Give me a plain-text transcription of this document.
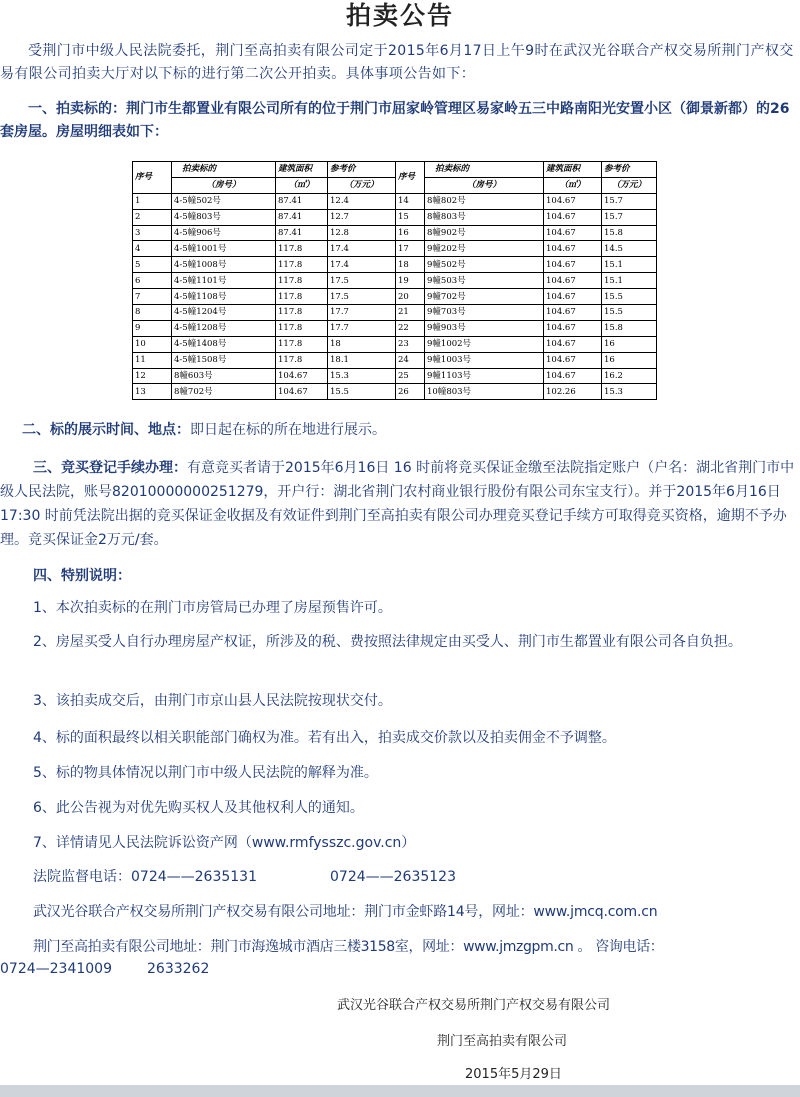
拍卖公告

受荆门市中级人民法院委托，荆门至高拍卖有限公司定于2015年6月17日上午9时在武汉光谷联合产权交易所荆门产权交易有限公司拍卖大厅对以下标的进行第二次公开拍卖。具体事项公告如下：

一、拍卖标的：荆门市生都置业有限公司所有的位于荆门市屈家岭管理区易家岭五三中路南阳光安置小区（御景新都）的26套房屋。房屋明细表如下：

序号	拍卖标的	建筑面积	参考价	序号	拍卖标的	建筑面积	参考价
	（房号）	（㎡）	（万元）		（房号）	（㎡）	（万元）
1	4-5幢502号	87.41	12.4	14	8幢802号	104.67	15.7
2	4-5幢803号	87.41	12.7	15	8幢803号	104.67	15.7
3	4-5幢906号	87.41	12.8	16	8幢902号	104.67	15.8
4	4-5幢1001号	117.8	17.4	17	9幢202号	104.67	14.5
5	4-5幢1008号	117.8	17.4	18	9幢502号	104.67	15.1
6	4-5幢1101号	117.8	17.5	19	9幢503号	104.67	15.1
7	4-5幢1108号	117.8	17.5	20	9幢702号	104.67	15.5
8	4-5幢1204号	117.8	17.7	21	9幢703号	104.67	15.5
9	4-5幢1208号	117.8	17.7	22	9幢903号	104.67	15.8
10	4-5幢1408号	117.8	18	23	9幢1002号	104.67	16
11	4-5幢1508号	117.8	18.1	24	9幢1003号	104.67	16
12	8幢603号	104.67	15.3	25	9幢1103号	104.67	16.2
13	8幢702号	104.67	15.5	26	10幢803号	102.26	15.3

二、标的展示时间、地点：即日起在标的所在地进行展示。

三、竞买登记手续办理：有意竞买者请于2015年6月16日 16 时前将竞买保证金缴至法院指定账户（户名：湖北省荆门市中级人民法院，账号82010000000251279，开户行：湖北省荆门农村商业银行股份有限公司东宝支行）。并于2015年6月16日17:30 时前凭法院出据的竞买保证金收据及有效证件到荆门至高拍卖有限公司办理竞买登记手续方可取得竞买资格，逾期不予办理。竞买保证金2万元/套。

四、特别说明：

1、本次拍卖标的在荆门市房管局已办理了房屋预售许可。

2、房屋买受人自行办理房屋产权证，所涉及的税、费按照法律规定由买受人、荆门市生都置业有限公司各自负担。

3、该拍卖成交后，由荆门市京山县人民法院按现状交付。

4、标的面积最终以相关职能部门确权为准。若有出入，拍卖成交价款以及拍卖佣金不予调整。

5、标的物具体情况以荆门市中级人民法院的解释为准。

6、此公告视为对优先购买权人及其他权利人的通知。

7、详情请见人民法院诉讼资产网（www.rmfysszc.gov.cn）

法院监督电话：0724——2635131	0724——2635123
武汉光谷联合产权交易所荆门产权交易有限公司地址：荆门市金虾路14号，网址：www.jmcq.com.cn
荆门至高拍卖有限公司地址：荆门市海逸城市酒店三楼3158室，网址：www.jmzgpm.cn 。 咨询电话：
0724—2341009	2633262
武汉光谷联合产权交易所荆门产权交易有限公司
荆门至高拍卖有限公司
2015年5月29日
